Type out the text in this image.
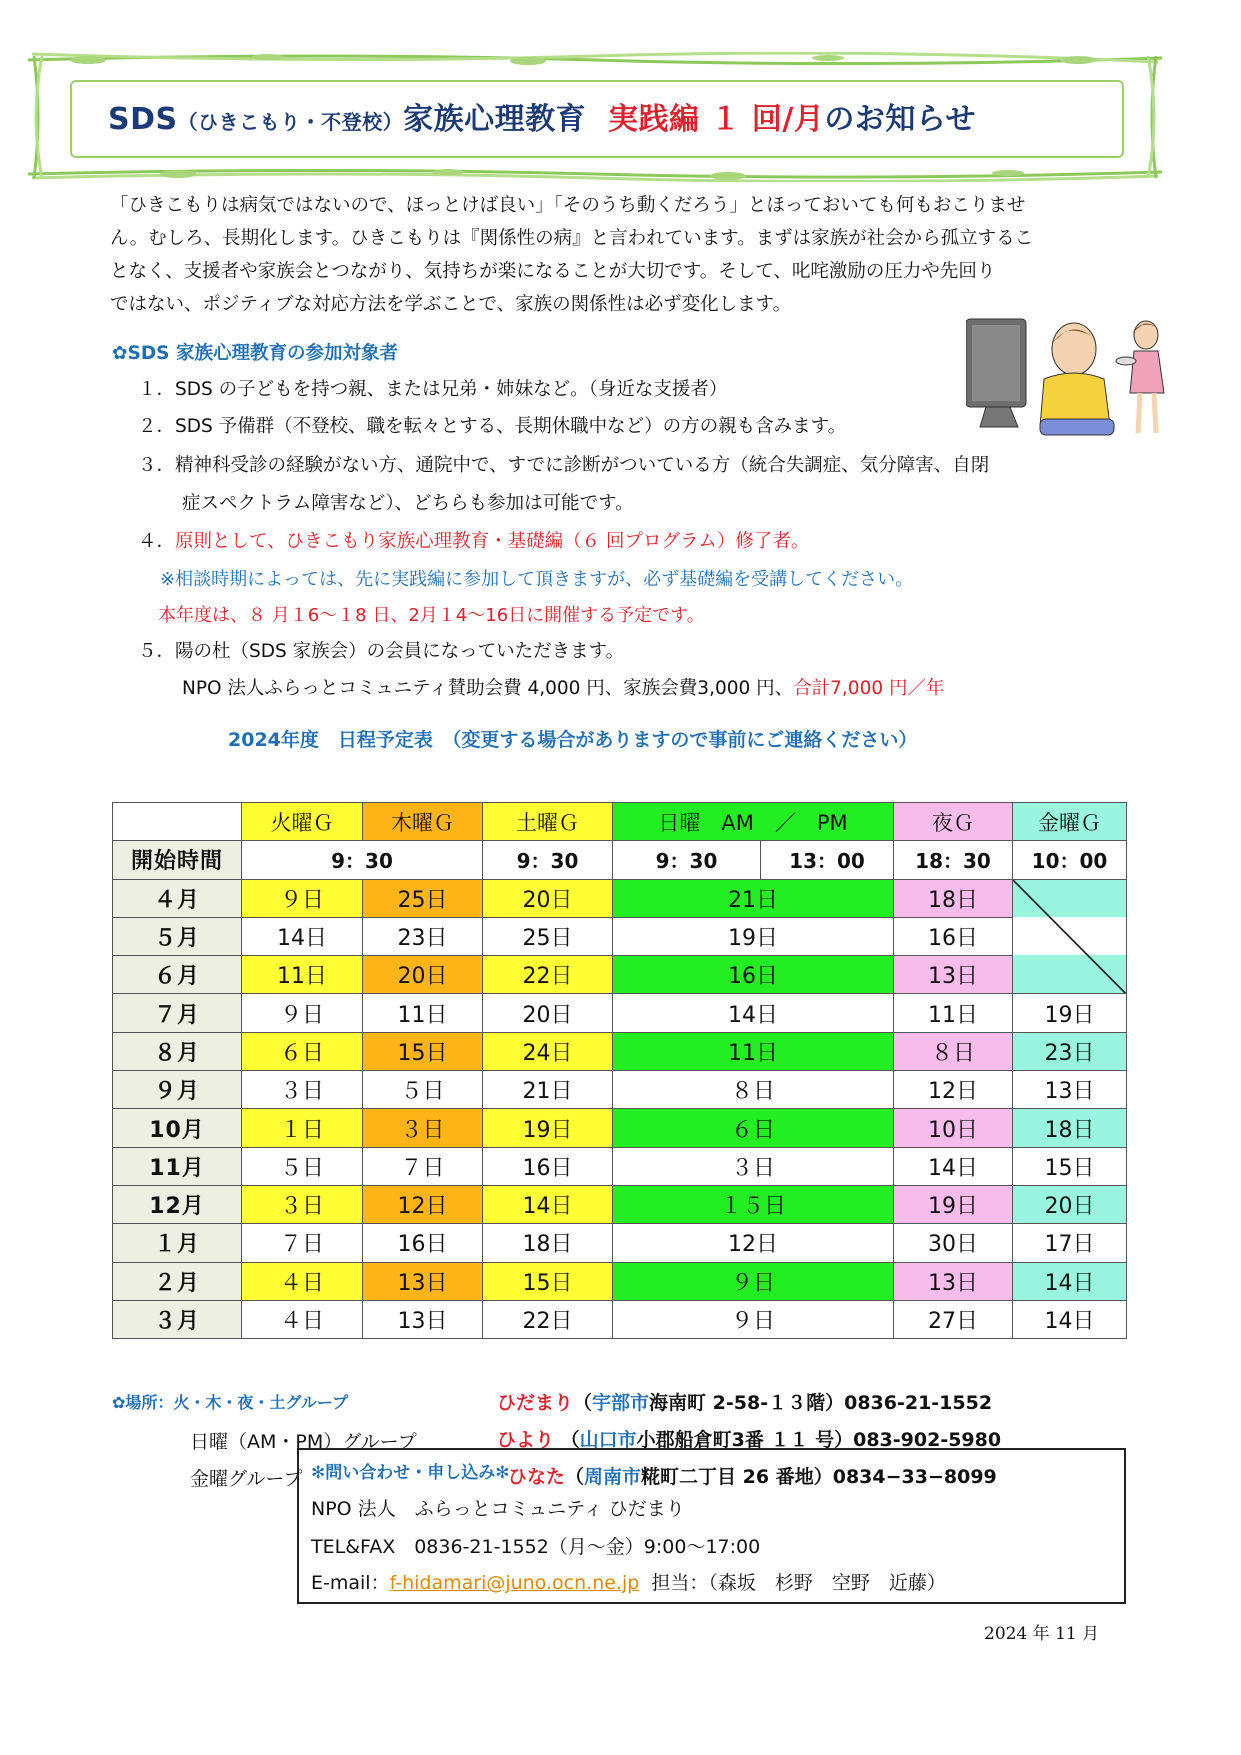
SDS（ひきこもり・不登校）家族心理教育 実践編 １ 回/月のお知らせ

「ひきこもりは病気ではないので、ほっとけば良い」「そのうち動くだろう」とほっておいても何もおこりませ

ん。むしろ、長期化します。ひきこもりは『関係性の病』と言われています。まずは家族が社会から孤立するこ

となく、支援者や家族会とつながり、気持ちが楽になることが大切です。そして、叱咤激励の圧力や先回り

ではない、ポジティブな対応方法を学ぶことで、家族の関係性は必ず変化します。

✿SDS 家族心理教育の参加対象者
１．SDS の子どもを持つ親、または兄弟・姉妹など。（身近な支援者）
２．SDS 予備群（不登校、職を転々とする、長期休職中など）の方の親も含みます。
３．精神科受診の経験がない方、通院中で、すでに診断がついている方（統合失調症、気分障害、自閉
症スペクトラム障害など）、どちらも参加は可能です。
４．原則として、ひきこもり家族心理教育・基礎編（６ 回プログラム）修了者。
※相談時期によっては、先に実践編に参加して頂きますが、必ず基礎編を受講してください。
本年度は、８ 月１6～１8 日、2月１4～16日に開催する予定です。
５．陽の杜（SDS 家族会）の会員になっていただきます。
NPO 法人ふらっとコミュニティ賛助会費 4,000 円、家族会費3,000 円、合計7,000 円／年
2024年度　日程予定表　（変更する場合がありますので事前にご連絡ください）
	火曜Ｇ	木曜Ｇ	土曜Ｇ	日曜　AM　／　PM		夜Ｇ	金曜Ｇ
開始時間	9：30		9：30	9：30	13：00	18：30	10：00
４月	９日	25日	20日	21日		18日	

５月	14日	23日	25日	19日		16日	
６月	11日	20日	22日	16日		13日	
７月	９日	11日	20日	14日		11日	19日
８月	６日	15日	24日	11日		８日	23日
９月	３日	５日	21日	８日		12日	13日
10月	１日	３日	19日	６日		10日	18日
11月	５日	７日	16日	３日		14日	15日
12月	３日	12日	14日	１５日		19日	20日
１月	７日	16日	18日	12日		30日	17日
２月	４日	13日	15日	９日		13日	14日
３月	４日	13日	22日	９日		27日	14日
✿場所：火・木・夜・土グループ	ひだまり（宇部市海南町 2-58-１３階）0836-21-1552
日曜（AM・PM）グループ	ひより （山口市小郡船倉町3番 １１ 号）083-902-5980
金曜グループ	ひなた（周南市糀町二丁目 26 番地）0834−33−8099
✻問い合わせ・申し込み✻
NPO 法人　ふらっとコミュニティ ひだまり
TEL&FAX　0836-21-1552（月～金）9:00～17:00
E-mail：f-hidamari@juno.ocn.ne.jp 担当：（森坂　杉野　空野　近藤）
2024 年 11 月
